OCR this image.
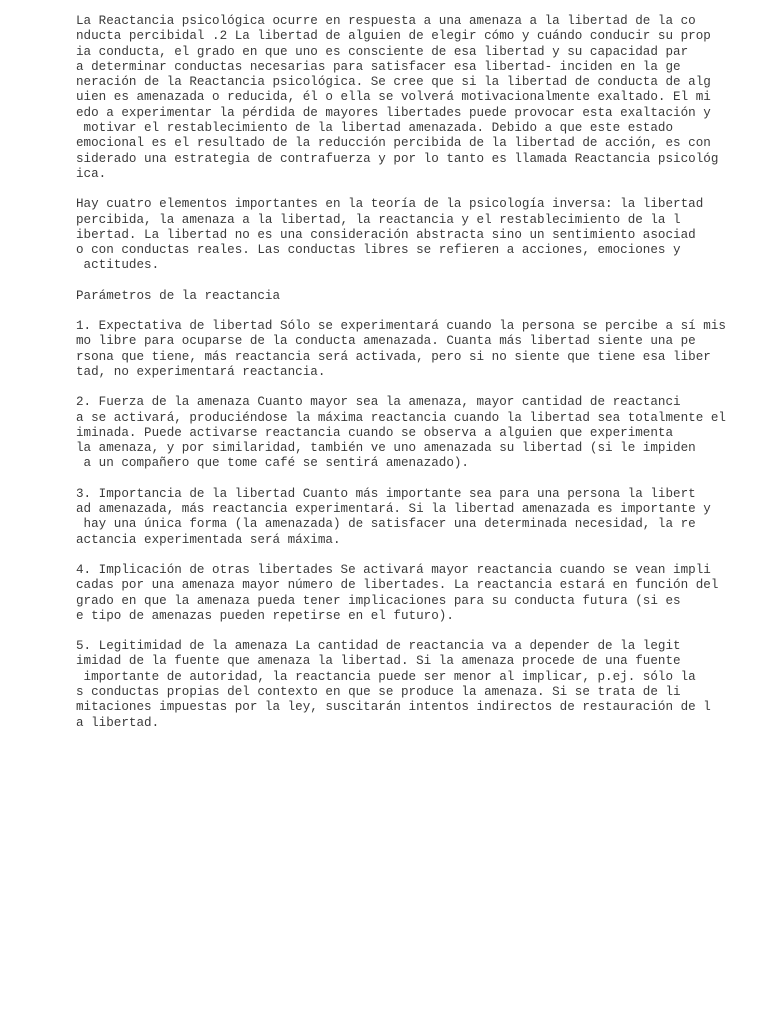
La Reactancia psicológica ocurre en respuesta a una amenaza a la libertad de la co
nducta percibidal .2 La libertad de alguien de elegir cómo y cuándo conducir su prop
ia conducta, el grado en que uno es consciente de esa libertad y su capacidad par
a determinar conductas necesarias para satisfacer esa libertad- inciden en la ge
neración de la Reactancia psicológica. Se cree que si la libertad de conducta de alg
uien es amenazada o reducida, él o ella se volverá motivacionalmente exaltado. El mi
edo a experimentar la pérdida de mayores libertades puede provocar esta exaltación y
motivar el restablecimiento de la libertad amenazada. Debido a que este estado
emocional es el resultado de la reducción percibida de la libertad de acción, es con
siderado una estrategia de contrafuerza y por lo tanto es llamada Reactancia psicológ
ica.
Hay cuatro elementos importantes en la teoría de la psicología inversa: la libertad
percibida, la amenaza a la libertad, la reactancia y el restablecimiento de la l
ibertad. La libertad no es una consideración abstracta sino un sentimiento asociad
o con conductas reales. Las conductas libres se refieren a acciones, emociones y
actitudes.
Parámetros de la reactancia
1. Expectativa de libertad Sólo se experimentará cuando la persona se percibe a sí mis
mo libre para ocuparse de la conducta amenazada. Cuanta más libertad siente una pe
rsona que tiene, más reactancia será activada, pero si no siente que tiene esa liber
tad, no experimentará reactancia.
2. Fuerza de la amenaza Cuanto mayor sea la amenaza, mayor cantidad de reactanci
a se activará, produciéndose la máxima reactancia cuando la libertad sea totalmente el
iminada. Puede activarse reactancia cuando se observa a alguien que experimenta
la amenaza, y por similaridad, también ve uno amenazada su libertad (si le impiden
a un compañero que tome café se sentirá amenazado).
3. Importancia de la libertad Cuanto más importante sea para una persona la libert
ad amenazada, más reactancia experimentará. Si la libertad amenazada es importante y
hay una única forma (la amenazada) de satisfacer una determinada necesidad, la re
actancia experimentada será máxima.
4. Implicación de otras libertades Se activará mayor reactancia cuando se vean impli
cadas por una amenaza mayor número de libertades. La reactancia estará en función del
grado en que la amenaza pueda tener implicaciones para su conducta futura (si es
e tipo de amenazas pueden repetirse en el futuro).
5. Legitimidad de la amenaza La cantidad de reactancia va a depender de la legit
imidad de la fuente que amenaza la libertad. Si la amenaza procede de una fuente
importante de autoridad, la reactancia puede ser menor al implicar, p.ej. sólo la
s conductas propias del contexto en que se produce la amenaza. Si se trata de li
mitaciones impuestas por la ley, suscitarán intentos indirectos de restauración de l
a libertad.
